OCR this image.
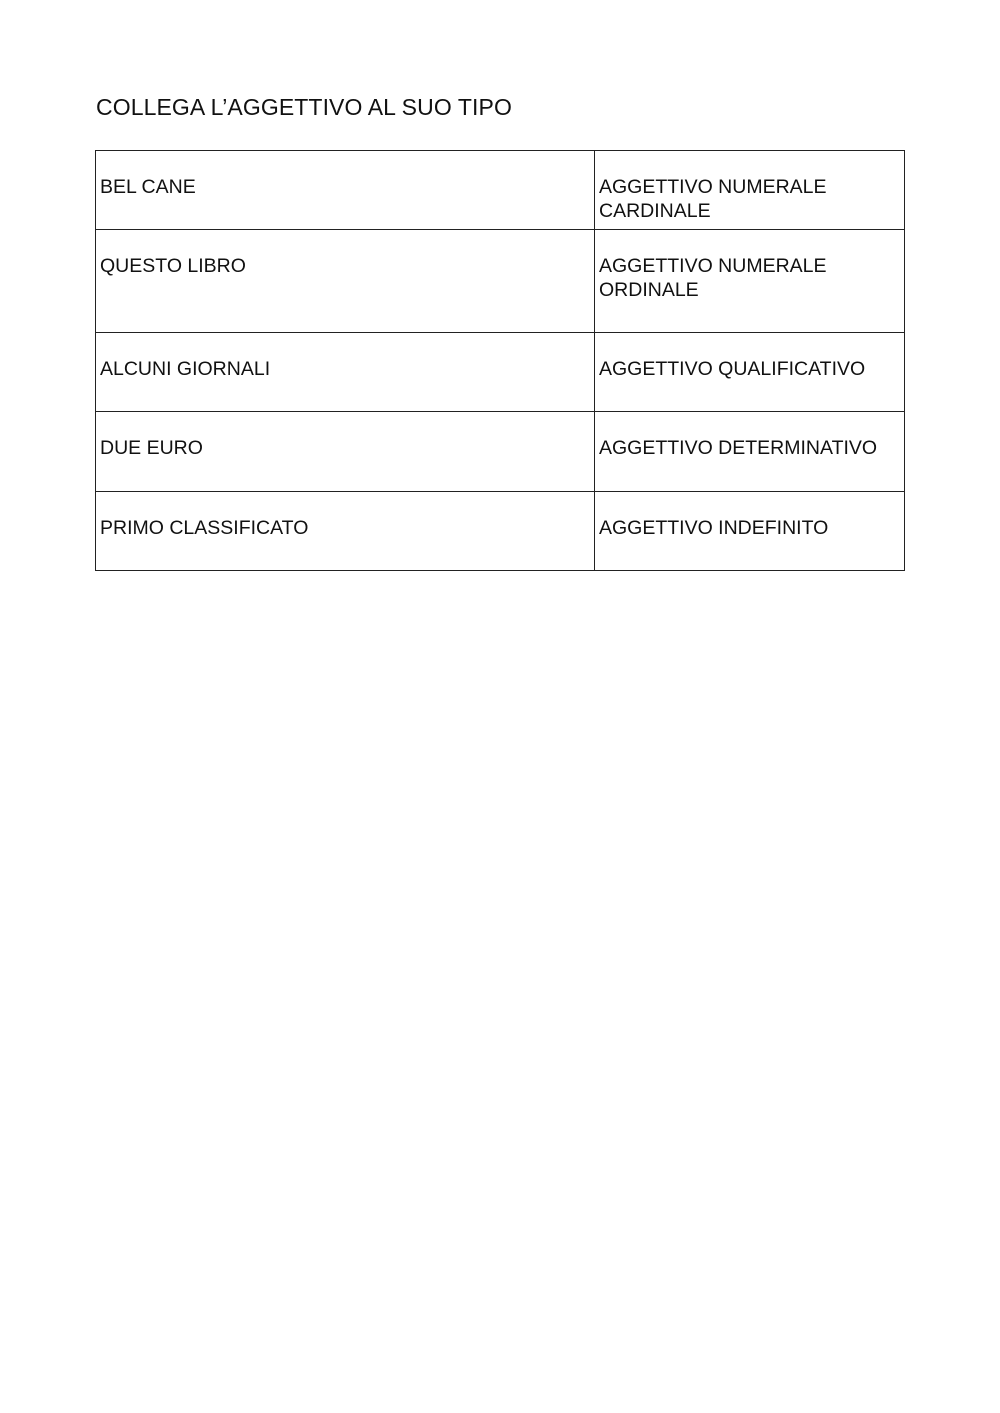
COLLEGA L’AGGETTIVO AL SUO TIPO
BEL CANE	AGGETTIVO NUMERALE CARDINALE
QUESTO LIBRO	AGGETTIVO NUMERALE ORDINALE
ALCUNI GIORNALI	AGGETTIVO QUALIFICATIVO
DUE EURO	AGGETTIVO DETERMINATIVO
PRIMO CLASSIFICATO	AGGETTIVO INDEFINITO
